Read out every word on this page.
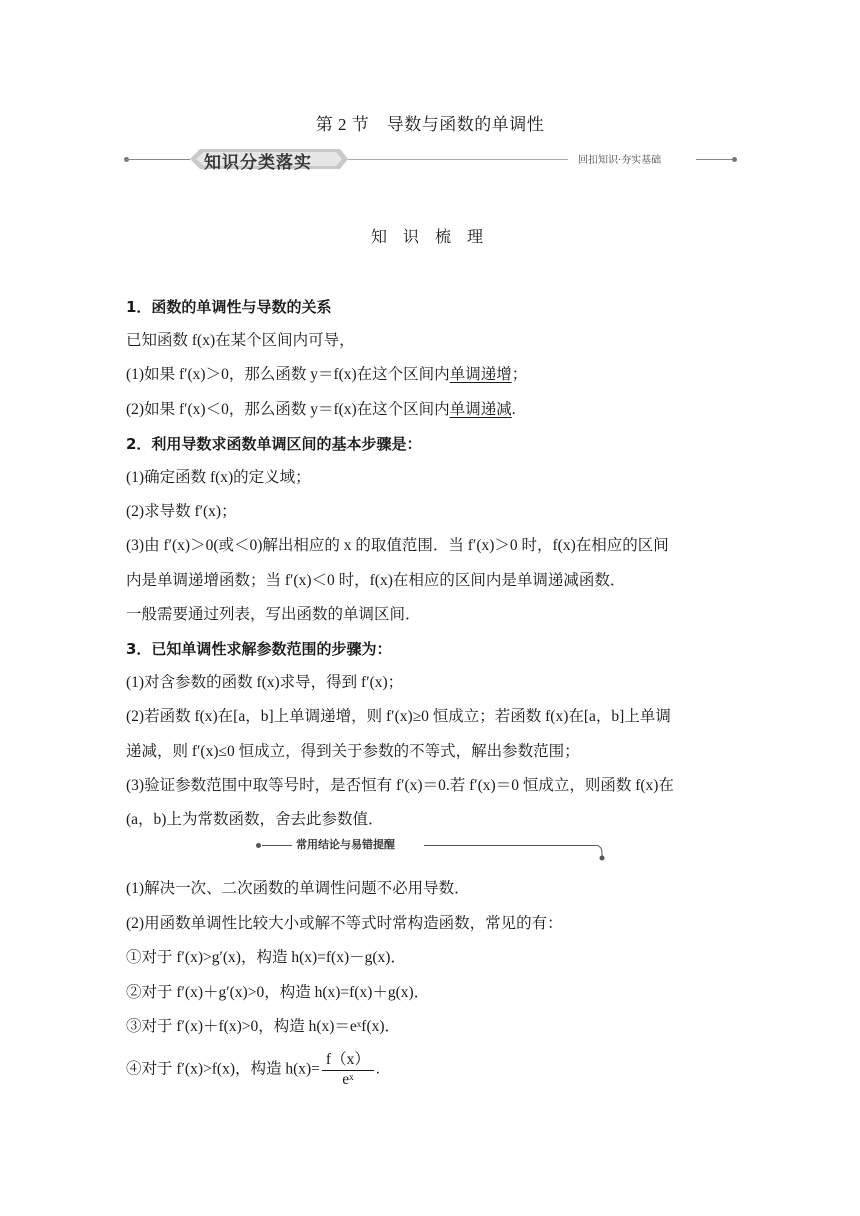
第 2 节　导数与函数的单调性
知识分类落实	回扣知识·夯实基础
知 识 梳 理

1．函数的单调性与导数的关系

已知函数 f(x)在某个区间内可导，

(1)如果 f′(x)＞0，那么函数 y＝f(x)在这个区间内单调递增；

(2)如果 f′(x)＜0，那么函数 y＝f(x)在这个区间内单调递减.

2．利用导数求函数单调区间的基本步骤是：

(1)确定函数 f(x)的定义域；

(2)求导数 f′(x)；

(3)由 f′(x)＞0(或＜0)解出相应的 x 的取值范围．当 f′(x)＞0 时，f(x)在相应的区间

内是单调递增函数；当 f′(x)＜0 时，f(x)在相应的区间内是单调递减函数．

一般需要通过列表，写出函数的单调区间．

3．已知单调性求解参数范围的步骤为：

(1)对含参数的函数 f(x)求导，得到 f′(x)；

(2)若函数 f(x)在[a，b]上单调递增，则 f′(x)≥0 恒成立；若函数 f(x)在[a，b]上单调

递减，则 f′(x)≤0 恒成立，得到关于参数的不等式，解出参数范围；

(3)验证参数范围中取等号时，是否恒有 f′(x)＝0.若 f′(x)＝0 恒成立，则函数 f(x)在

(a，b)上为常数函数，舍去此参数值．

常用结论与易错提醒

(1)解决一次、二次函数的单调性问题不必用导数．

(2)用函数单调性比较大小或解不等式时常构造函数，常见的有：

①对于 f′(x)>g′(x)，构造 h(x)=f(x)－g(x)．

②对于 f′(x)＋g′(x)>0，构造 h(x)=f(x)＋g(x)．

③对于 f′(x)＋f(x)>0，构造 h(x)＝eˣf(x)．

④对于 f′(x)>f(x)，构造 $h(x)= \frac{f(x)}{\text{eˣ}}$ .
